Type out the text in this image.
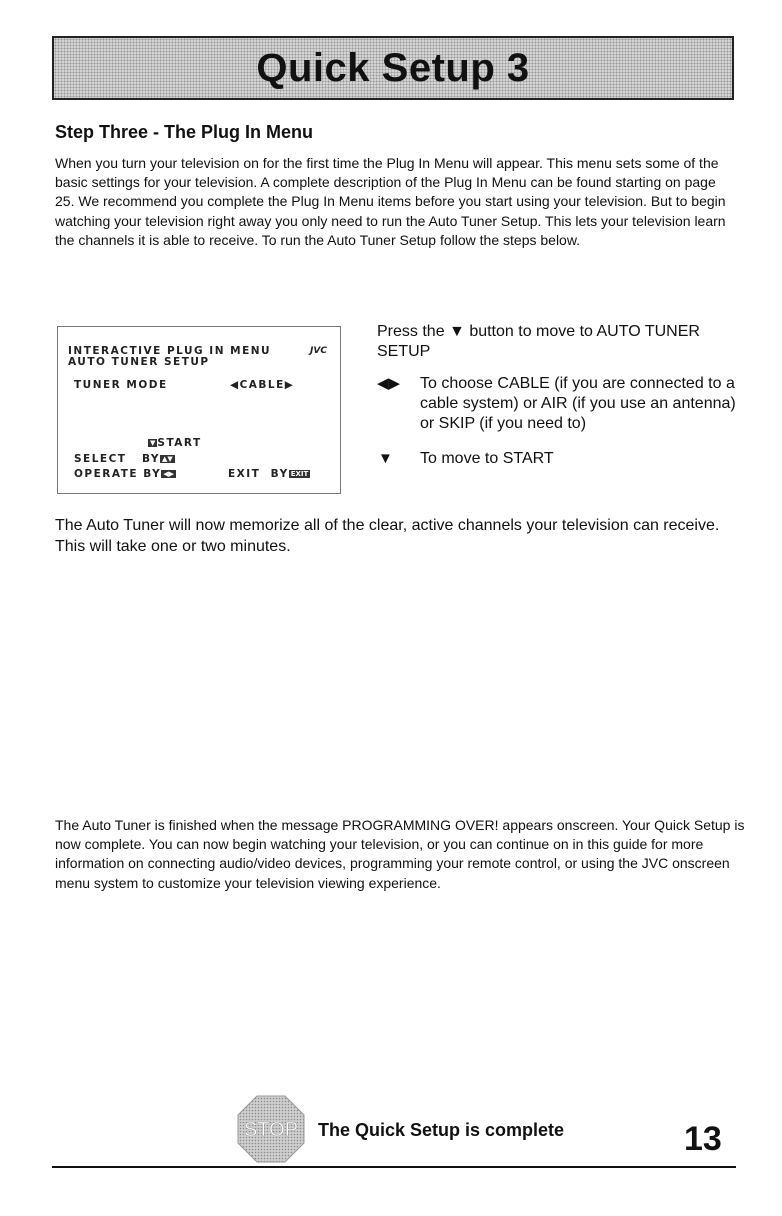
Quick Setup 3
Step Three - The Plug In Menu

When you turn your television on for the first time the Plug In Menu will appear. This menu sets some of the basic settings for your television. A complete description of the Plug In Menu can be found starting on page 25. We recommend you complete the Plug In Menu items before you start using your television. But to begin watching your television right away you only need to run the Auto Tuner Setup. This lets your television learn the channels it is able to receive. To run the Auto Tuner Setup follow the steps below.

INTERACTIVE PLUG IN MENU	JVC
AUTO TUNER SETUP
TUNER MODE	◀CABLE▶
▼ START
SELECT BY ▲▼
OPERATE BY ◀▶	EXIT BY EXIT

Press the ▼ button to move to AUTO TUNER SETUP

◀▶ To choose CABLE (if you are connected to a cable system) or AIR (if you use an antenna) or SKIP (if you need to)

▼ To move to START

The Auto Tuner will now memorize all of the clear, active channels your television can receive. This will take one or two minutes.

The Auto Tuner is finished when the message PROGRAMMING OVER! appears onscreen. Your Quick Setup is now complete. You can now begin watching your television, or you can continue on in this guide for more information on connecting audio/video devices, programming your remote control, or using the JVC onscreen menu system to customize your television viewing experience.

STOP The Quick Setup is complete	13
